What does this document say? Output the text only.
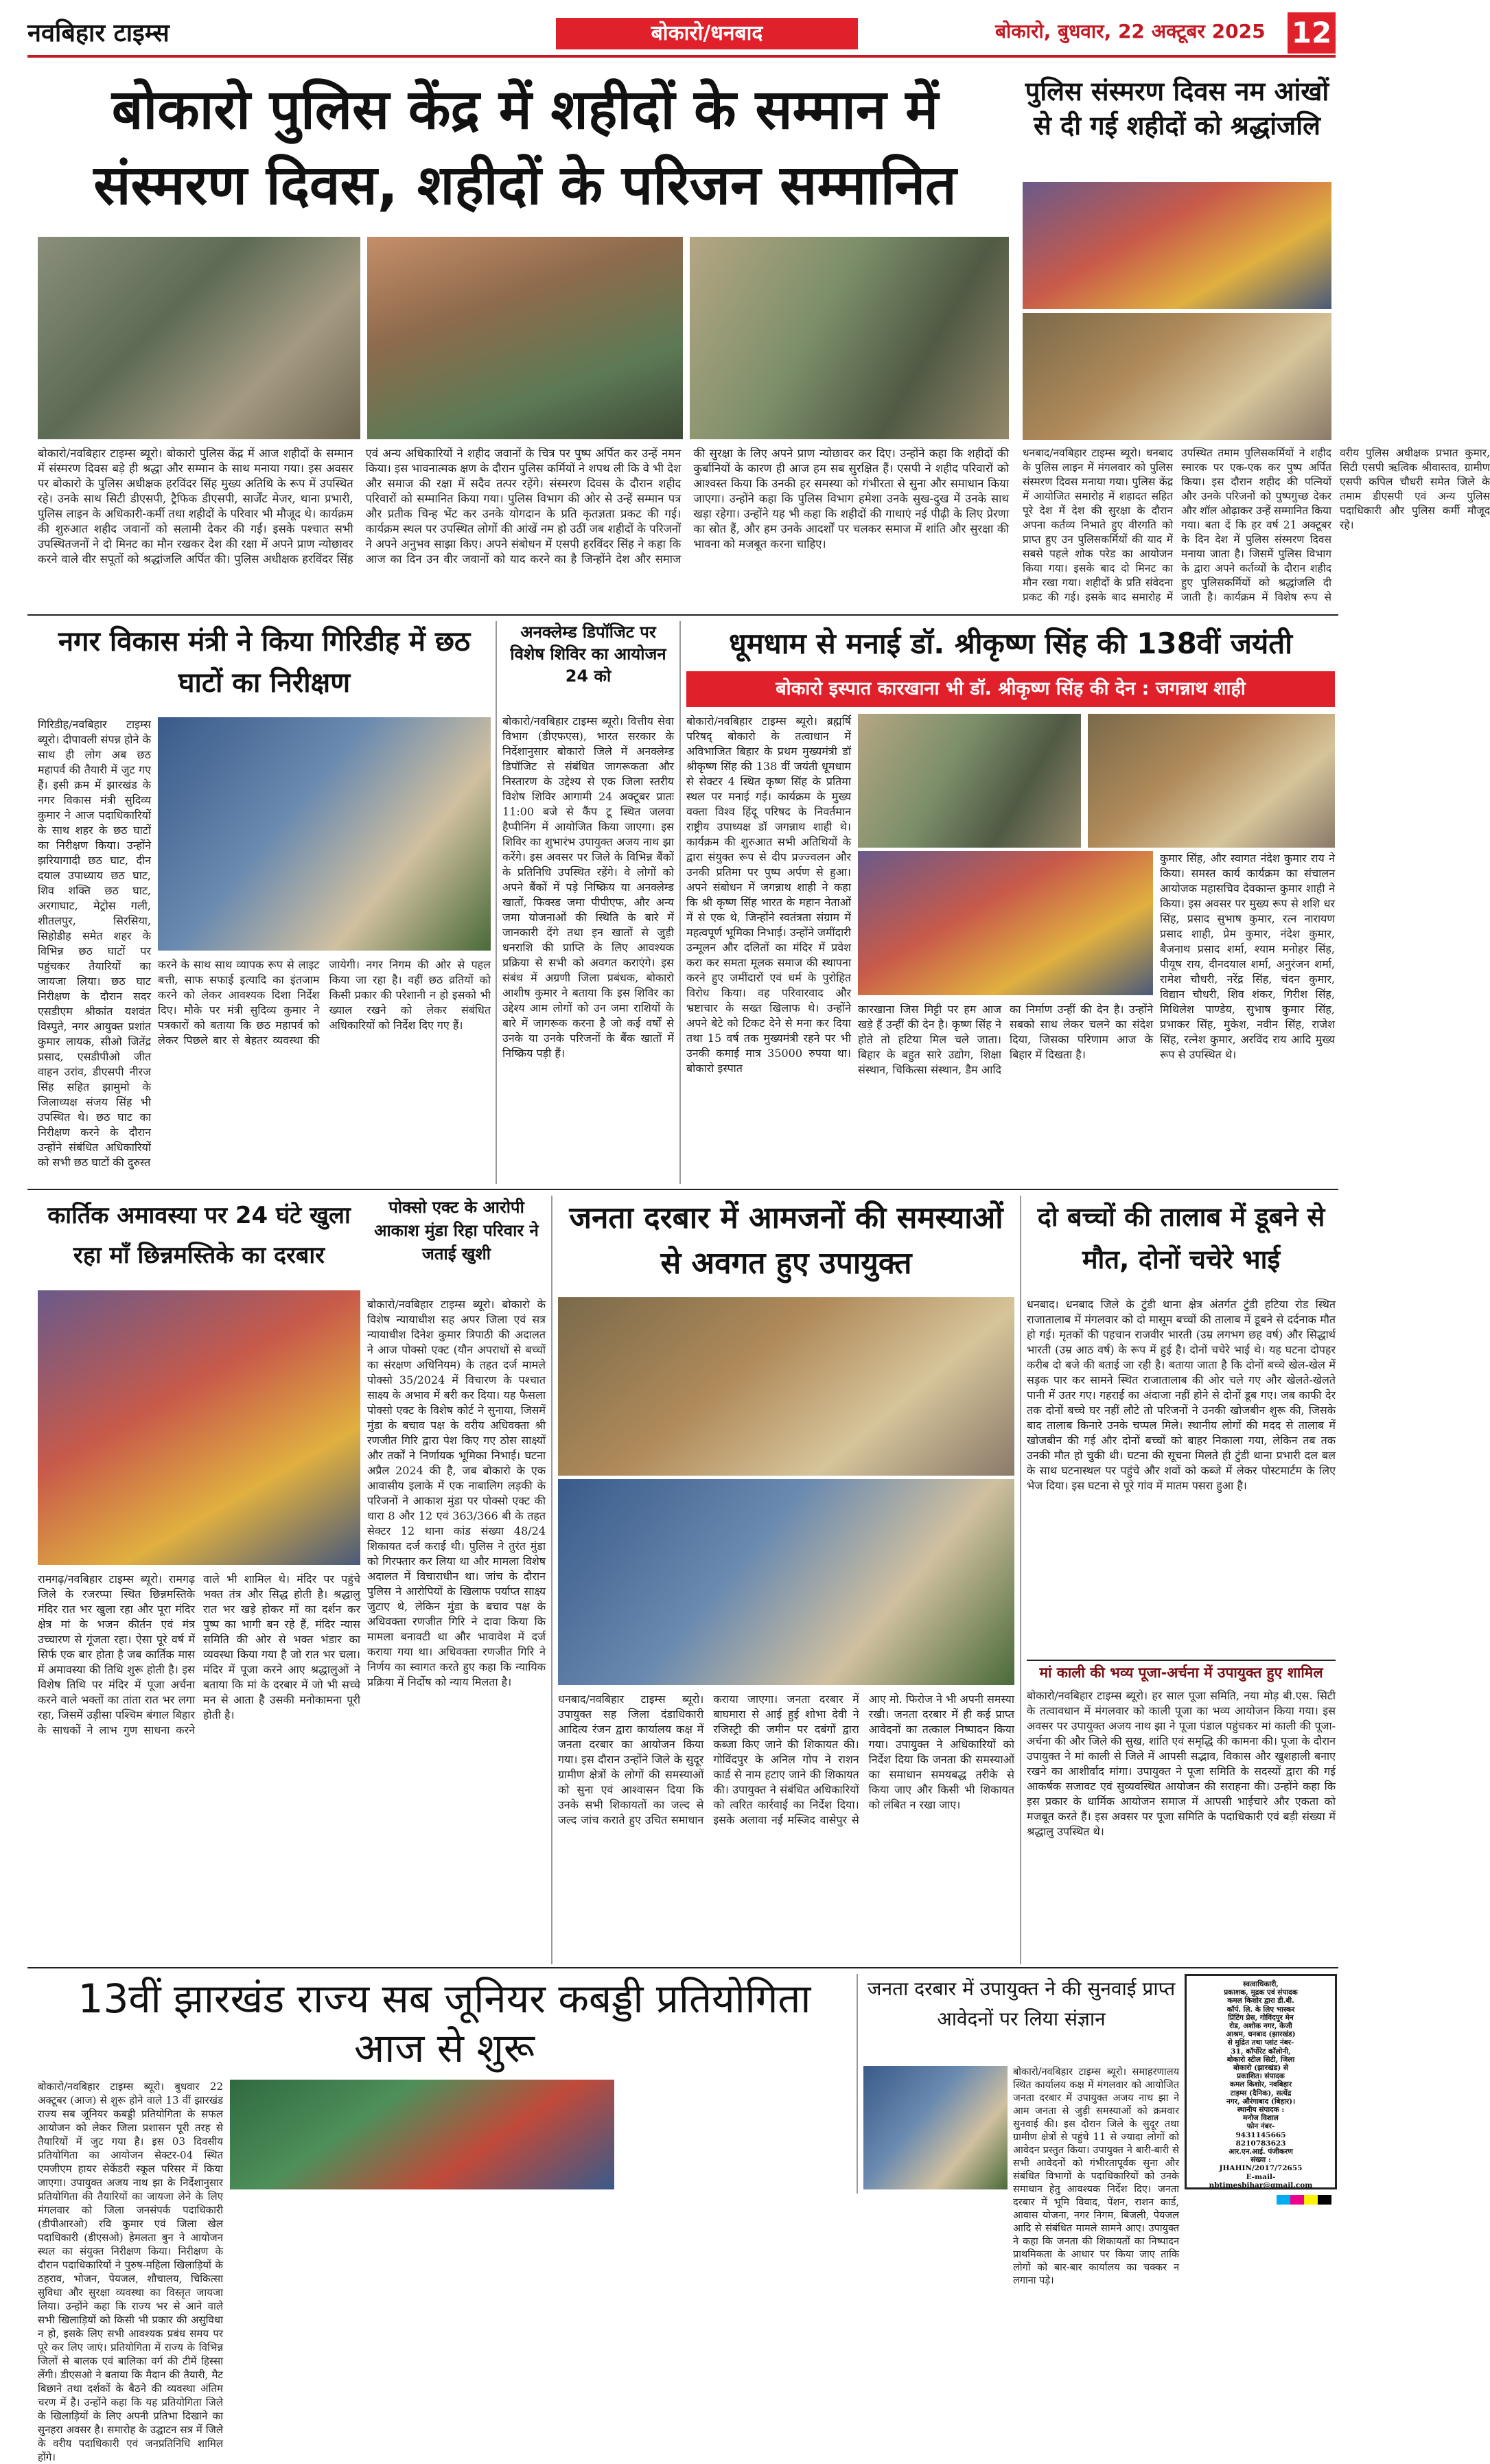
नवबिहार टाइम्स	बोकारो/धनबाद	बोकारो, बुधवार, 22 अक्टूबर 2025 12
बोकारो पुलिस केंद्र में शहीदों के सम्मान में संस्मरण दिवस, शहीदों के परिजन सम्मानित
बोकारो/नवबिहार टाइम्स ब्यूरो। बोकारो पुलिस केंद्र में आज शहीदों के सम्मान में संस्मरण दिवस बड़े ही श्रद्धा और सम्मान के साथ मनाया गया। इस अवसर पर बोकारो के पुलिस अधीक्षक हरविंदर सिंह मुख्य अतिथि के रूप में उपस्थित रहे। उनके साथ सिटी डीएसपी, ट्रैफिक डीएसपी, सार्जेंट मेजर, थाना प्रभारी, पुलिस लाइन के अधिकारी-कर्मी तथा शहीदों के परिवार भी मौजूद थे। कार्यक्रम की शुरुआत शहीद जवानों को सलामी देकर की गई। इसके पश्चात सभी उपस्थितजनों ने दो मिनट का मौन रखकर देश की रक्षा में अपने प्राण न्योछावर करने वाले वीर सपूतों को श्रद्धांजलि अर्पित की। पुलिस अधीक्षक हरविंदर सिंह एवं अन्य अधिकारियों ने शहीद जवानों के चित्र पर पुष्प अर्पित कर उन्हें नमन किया। इस भावनात्मक क्षण के दौरान पुलिस कर्मियों ने शपथ ली कि वे भी देश और समाज की रक्षा में सदैव तत्पर रहेंगे। संस्मरण दिवस के दौरान शहीद परिवारों को सम्मानित किया गया। पुलिस विभाग की ओर से उन्हें सम्मान पत्र और प्रतीक चिन्ह भेंट कर उनके योगदान के प्रति कृतज्ञता प्रकट की गई। कार्यक्रम स्थल पर उपस्थित लोगों की आंखें नम हो उठीं जब शहीदों के परिजनों ने अपने अनुभव साझा किए। अपने संबोधन में एसपी हरविंदर सिंह ने कहा कि आज का दिन उन वीर जवानों को याद करने का है जिन्होंने देश और समाज की सुरक्षा के लिए अपने प्राण न्योछावर कर दिए। उन्होंने कहा कि शहीदों की कुर्बानियों के कारण ही आज हम सब सुरक्षित हैं। एसपी ने शहीद परिवारों को आश्वस्त किया कि उनकी हर समस्या को गंभीरता से सुना और समाधान किया जाएगा। उन्होंने कहा कि पुलिस विभाग हमेशा उनके सुख-दुख में उनके साथ खड़ा रहेगा। उन्होंने यह भी कहा कि शहीदों की गाथाएं नई पीढ़ी के लिए प्रेरणा का स्रोत हैं, और हम उनके आदर्शों पर चलकर समाज में शांति और सुरक्षा की भावना को मजबूत करना चाहिए।
पुलिस संस्मरण दिवस नम आंखों से दी गई शहीदों को श्रद्धांजलि
धनबाद/नवबिहार टाइम्स ब्यूरो। धनबाद के पुलिस लाइन में मंगलवार को पुलिस संस्मरण दिवस मनाया गया। पुलिस केंद्र में आयोजित समारोह में शहादत सहित पूरे देश में देश की सुरक्षा के दौरान अपना कर्तव्य निभाते हुए वीरगति को प्राप्त हुए उन पुलिसकर्मियों की याद में सबसे पहले शोक परेड का आयोजन किया गया। इसके बाद दो मिनट का मौन रखा गया। शहीदों के प्रति संवेदना प्रकट की गई। इसके बाद समारोह में उपस्थित तमाम पुलिसकर्मियों ने शहीद स्मारक पर एक-एक कर पुष्प अर्पित किया। इस दौरान शहीद की पत्नियों और उनके परिजनों को पुष्पगुच्छ देकर और शॉल ओढ़ाकर उन्हें सम्मानित किया गया। बता दें कि हर वर्ष 21 अक्टूबर के दिन देश में पुलिस संस्मरण दिवस मनाया जाता है। जिसमें पुलिस विभाग के द्वारा अपने कर्तव्यों के दौरान शहीद हुए पुलिसकर्मियों को श्रद्धांजलि दी जाती है। कार्यक्रम में विशेष रूप से वरीय पुलिस अधीक्षक प्रभात कुमार, सिटी एसपी ऋत्विक श्रीवास्तव, ग्रामीण एसपी कपिल चौधरी समेत जिले के तमाम डीएसपी एवं अन्य पुलिस पदाधिकारी और पुलिस कर्मी मौजूद रहे।
नगर विकास मंत्री ने किया गिरिडीह में छठ घाटों का निरीक्षण
गिरिडीह/नवबिहार टाइम्स ब्यूरो। दीपावली संपन्न होने के साथ ही लोग अब छठ महापर्व की तैयारी में जुट गए हैं। इसी क्रम में झारखंड के नगर विकास मंत्री सुदिव्य कुमार ने आज पदाधिकारियों के साथ शहर के छठ घाटों का निरीक्षण किया। उन्होंने झरियागादी छठ घाट, दीन दयाल उपाध्याय छठ घाट, शिव शक्ति छठ घाट, अरगाघाट, मेट्रोस गली, शीतलपुर, सिरसिया, सिहोडीह समेत शहर के विभिन्न छठ घाटों पर पहुंचकर तैयारियों का जायजा लिया। छठ घाट निरीक्षण के दौरान सदर एसडीएम श्रीकांत यशवंत विस्पुते, नगर आयुक्त प्रशांत कुमार लायक, सीओ जितेंद्र प्रसाद, एसडीपीओ जीत वाहन उरांव, डीएसपी नीरज सिंह सहित झामुमो के जिलाध्यक्ष संजय सिंह भी उपस्थित थे। छठ घाट का निरीक्षण करने के दौरान उन्होंने संबंधित अधिकारियों को सभी छठ घाटों की दुरुस्त
करने के साथ साथ व्यापक रूप से लाइट बत्ती, साफ सफाई इत्यादि का इंतजाम करने को लेकर आवश्यक दिशा निर्देश दिए। मौके पर मंत्री सुदिव्य कुमार ने पत्रकारों को बताया कि छठ महापर्व को लेकर पिछले बार से बेहतर व्यवस्था की जायेगी। नगर निगम की ओर से पहल किया जा रहा है। वहीं छठ व्रतियों को किसी प्रकार की परेशानी न हो इसको भी ख्याल रखने को लेकर संबंधित अधिकारियों को निर्देश दिए गए हैं।
अनक्लेम्ड डिपॉजिट पर विशेष शिविर का आयोजन 24 को
बोकारो/नवबिहार टाइम्स ब्यूरो। वित्तीय सेवा विभाग (डीएफएस), भारत सरकार के निर्देशानुसार बोकारो जिले में अनक्लेम्ड डिपॉजिट से संबंधित जागरूकता और निस्तारण के उद्देश्य से एक जिला स्तरीय विशेष शिविर आगामी 24 अक्टूबर प्रातः 11:00 बजे से कैंप टू स्थित जलवा हैप्पीनिंग में आयोजित किया जाएगा। इस शिविर का शुभारंभ उपायुक्त अजय नाथ झा करेंगे। इस अवसर पर जिले के विभिन्न बैंकों के प्रतिनिधि उपस्थित रहेंगे। वे लोगों को अपने बैंकों में पड़े निष्क्रिय या अनक्लेम्ड खातों, फिक्स्ड जमा पीपीएफ, और अन्य जमा योजनाओं की स्थिति के बारे में जानकारी देंगे तथा इन खातों से जुड़ी धनराशि की प्राप्ति के लिए आवश्यक प्रक्रिया से सभी को अवगत कराएंगे। इस संबंध में अग्रणी जिला प्रबंधक, बोकारो आशीष कुमार ने बताया कि इस शिविर का उद्देश्य आम लोगों को उन जमा राशियों के बारे में जागरूक करना है जो कई वर्षों से उनके या उनके परिजनों के बैंक खातों में निष्क्रिय पड़ी हैं।
धूमधाम से मनाई डॉ. श्रीकृष्ण सिंह की 138वीं जयंती
बोकारो इस्पात कारखाना भी डॉ. श्रीकृष्ण सिंह की देन : जगन्नाथ शाही
बोकारो/नवबिहार टाइम्स ब्यूरो। ब्रह्मर्षि परिषद् बोकारो के तत्वाधान में अविभाजित बिहार के प्रथम मुख्यमंत्री डॉ श्रीकृष्ण सिंह की 138 वीं जयंती धूमधाम से सेक्टर 4 स्थित कृष्ण सिंह के प्रतिमा स्थल पर मनाई गई। कार्यक्रम के मुख्य वक्ता विश्व हिंदू परिषद के निवर्तमान राष्ट्रीय उपाध्यक्ष डॉ जगन्नाथ शाही थे। कार्यक्रम की शुरुआत सभी अतिथियों के द्वारा संयुक्त रूप से दीप प्रज्ज्वलन और उनकी प्रतिमा पर पुष्प अर्पण से हुआ। अपने संबोधन में जगन्नाथ शाही ने कहा कि श्री कृष्ण सिंह भारत के महान नेताओं में से एक थे, जिन्होंने स्वतंत्रता संग्राम में महत्वपूर्ण भूमिका निभाई। उन्होंने जमींदारी उन्मूलन और दलितों का मंदिर में प्रवेश करा कर समता मूलक समाज की स्थापना करने हुए जमींदारों एवं धर्म के पुरोहित विरोध किया। वह परिवारवाद और भ्रष्टाचार के सख्त खिलाफ थे। उन्होंने अपने बेटे को टिकट देने से मना कर दिया तथा 15 वर्ष तक मुख्यमंत्री रहने पर भी उनकी कमाई मात्र 35000 रुपया था। बोकारो इस्पात
कुमार सिंह, और स्वागत नंदेश कुमार राय ने किया। समस्त कार्य कार्यक्रम का संचालन आयोजक महासचिव देवकान्त कुमार शाही ने किया। इस अवसर पर मुख्य रूप से शशि धर सिंह, प्रसाद सुभाष कुमार, रत्न नारायण प्रसाद शाही, प्रेम कुमार, नंदेश कुमार, बैजनाथ प्रसाद शर्मा, श्याम मनोहर सिंह, पीयूष राय, दीनदयाल शर्मा, अनुरंजन शर्मा, रामेश चौधरी, नरेंद्र सिंह, चंदन कुमार, विद्यान चौधरी, शिव शंकर, गिरीश सिंह, मिथिलेश पाण्डेय, सुभाष कुमार सिंह, प्रभाकर सिंह, मुकेश, नवीन सिंह, राजेश सिंह, रत्नेश कुमार, अरविंद राय आदि मुख्य रूप से उपस्थित थे।
कारखाना जिस मिट्टी पर हम आज खड़े हैं उन्हीं की देन है। कृष्ण सिंह ने होते तो हटिया मिल चले जाता। बिहार के बहुत सारे उद्योग, शिक्षा संस्थान, चिकित्सा संस्थान, डैम आदि का निर्माण उन्हीं की देन है। उन्होंने सबको साथ लेकर चलने का संदेश दिया, जिसका परिणाम आज के बिहार में दिखता है।
कार्तिक अमावस्या पर 24 घंटे खुला रहा माँ छिन्नमस्तिके का दरबार
रामगढ़/नवबिहार टाइम्स ब्यूरो। रामगढ़ जिले के रजरप्पा स्थित छिन्नमस्तिके मंदिर रात भर खुला रहा और पूरा मंदिर क्षेत्र मां के भजन कीर्तन एवं मंत्र उच्चारण से गूंजता रहा। ऐसा पूरे वर्ष में सिर्फ एक बार होता है जब कार्तिक मास में अमावस्या की तिथि शुरू होती है। इस विशेष तिथि पर मंदिर में पूजा अर्चना करने वाले भक्तों का तांता रात भर लगा रहा, जिसमें उड़ीसा पश्चिम बंगाल बिहार के साधकों ने लाभ गुण साधना करने वाले भी शामिल थे। मंदिर पर पहुंचे भक्त तंत्र और सिद्ध होती है। श्रद्धालु रात भर खड़े होकर माँ का दर्शन कर पुष्प का भागी बन रहे हैं, मंदिर न्यास समिति की ओर से भक्त भंडार का व्यवस्था किया गया है जो रात भर चला। मंदिर में पूजा करने आए श्रद्धालुओं ने बताया कि मां के दरबार में जो भी सच्चे मन से आता है उसकी मनोकामना पूरी होती है।
पोक्सो एक्ट के आरोपी आकाश मुंडा रिहा परिवार ने जताई खुशी
बोकारो/नवबिहार टाइम्स ब्यूरो। बोकारो के विशेष न्यायाधीश सह अपर जिला एवं सत्र न्यायाधीश दिनेश कुमार त्रिपाठी की अदालत ने आज पोक्सो एक्ट (यौन अपराधों से बच्चों का संरक्षण अधिनियम) के तहत दर्ज मामले पोक्सो 35/2024 में विचारण के पश्चात साक्ष्य के अभाव में बरी कर दिया। यह फैसला पोक्सो एक्ट के विशेष कोर्ट ने सुनाया, जिसमें मुंडा के बचाव पक्ष के वरीय अधिवक्ता श्री रणजीत गिरि द्वारा पेश किए गए ठोस साक्ष्यों और तर्कों ने निर्णायक भूमिका निभाई। घटना अप्रैल 2024 की है, जब बोकारो के एक आवासीय इलाके में एक नाबालिग लड़की के परिजनों ने आकाश मुंडा पर पोक्सो एक्ट की धारा 8 और 12 एवं 363/366 बी के तहत सेक्टर 12 थाना कांड संख्या 48/24 शिकायत दर्ज कराई थी। पुलिस ने तुरंत मुंडा को गिरफ्तार कर लिया था और मामला विशेष अदालत में विचाराधीन था। जांच के दौरान पुलिस ने आरोपियों के खिलाफ पर्याप्त साक्ष्य जुटाए थे, लेकिन मुंडा के बचाव पक्ष के अधिवक्ता रणजीत गिरि ने दावा किया कि मामला बनावटी था और भावावेश में दर्ज कराया गया था। अधिवक्ता रणजीत गिरि ने निर्णय का स्वागत करते हुए कहा कि न्यायिक प्रक्रिया में निर्दोष को न्याय मिलता है।
जनता दरबार में आमजनों की समस्याओं से अवगत हुए उपायुक्त
धनबाद/नवबिहार टाइम्स ब्यूरो। उपायुक्त सह जिला दंडाधिकारी आदित्य रंजन द्वारा कार्यालय कक्ष में जनता दरबार का आयोजन किया गया। इस दौरान उन्होंने जिले के सुदूर ग्रामीण क्षेत्रों के लोगों की समस्याओं को सुना एवं आश्वासन दिया कि उनके सभी शिकायतों का जल्द से जल्द जांच कराते हुए उचित समाधान कराया जाएगा। जनता दरबार में बाघमारा से आई हुई शोभा देवी ने रजिस्ट्री की जमीन पर दबंगों द्वारा कब्जा किए जाने की शिकायत की। गोविंदपुर के अनिल गोप ने राशन कार्ड से नाम हटाए जाने की शिकायत की। उपायुक्त ने संबंधित अधिकारियों को त्वरित कार्रवाई का निर्देश दिया। इसके अलावा नई मस्जिद वासेपुर से आए मो. फिरोज ने भी अपनी समस्या रखी। जनता दरबार में ही कई प्राप्त आवेदनों का तत्काल निष्पादन किया गया। उपायुक्त ने अधिकारियों को निर्देश दिया कि जनता की समस्याओं का समाधान समयबद्ध तरीके से किया जाए और किसी भी शिकायत को लंबित न रखा जाए।
दो बच्चों की तालाब में डूबने से मौत, दोनों चचेरे भाई
धनबाद। धनबाद जिले के टुंडी थाना क्षेत्र अंतर्गत टुंडी हटिया रोड स्थित राजातालाब में मंगलवार को दो मासूम बच्चों की तालाब में डूबने से दर्दनाक मौत हो गई। मृतकों की पहचान राजवीर भारती (उम्र लगभग छह वर्ष) और सिद्धार्थ भारती (उम्र आठ वर्ष) के रूप में हुई है। दोनों चचेरे भाई थे। यह घटना दोपहर करीब दो बजे की बताई जा रही है। बताया जाता है कि दोनों बच्चे खेल-खेल में सड़क पार कर सामने स्थित राजातालाब की ओर चले गए और खेलते-खेलते पानी में उतर गए। गहराई का अंदाजा नहीं होने से दोनों डूब गए। जब काफी देर तक दोनों बच्चे घर नहीं लौटे तो परिजनों ने उनकी खोजबीन शुरू की, जिसके बाद तालाब किनारे उनके चप्पल मिले। स्थानीय लोगों की मदद से तालाब में खोजबीन की गई और दोनों बच्चों को बाहर निकाला गया, लेकिन तब तक उनकी मौत हो चुकी थी। घटना की सूचना मिलते ही टुंडी थाना प्रभारी दल बल के साथ घटनास्थल पर पहुंचे और शवों को कब्जे में लेकर पोस्टमार्टम के लिए भेज दिया। इस घटना से पूरे गांव में मातम पसरा हुआ है।
मां काली की भव्य पूजा-अर्चना में उपायुक्त हुए शामिल
बोकारो/नवबिहार टाइम्स ब्यूरो। हर साल पूजा समिति, नया मोड़ बी.एस. सिटी के तत्वावधान में मंगलवार को काली पूजा का भव्य आयोजन किया गया। इस अवसर पर उपायुक्त अजय नाथ झा ने पूजा पंडाल पहुंचकर मां काली की पूजा-अर्चना की और जिले की सुख, शांति एवं समृद्धि की कामना की। पूजा के दौरान उपायुक्त ने मां काली से जिले में आपसी सद्भाव, विकास और खुशहाली बनाए रखने का आशीर्वाद मांगा। उपायुक्त ने पूजा समिति के सदस्यों द्वारा की गई आकर्षक सजावट एवं सुव्यवस्थित आयोजन की सराहना की। उन्होंने कहा कि इस प्रकार के धार्मिक आयोजन समाज में आपसी भाईचारे और एकता को मजबूत करते हैं। इस अवसर पर पूजा समिति के पदाधिकारी एवं बड़ी संख्या में श्रद्धालु उपस्थित थे।
13वीं झारखंड राज्य सब जूनियर कबड्डी प्रतियोगिता आज से शुरू
बोकारो/नवबिहार टाइम्स ब्यूरो। बुधवार 22 अक्टूबर (आज) से शुरू होने वाले 13 वीं झारखंड राज्य सब जूनियर कबड्डी प्रतियोगिता के सफल आयोजन को लेकर जिला प्रशासन पूरी तरह से तैयारियों में जुट गया है। इस 03 दिवसीय प्रतियोगिता का आयोजन सेक्टर-04 स्थित एमजीएम हायर सेकेंडरी स्कूल परिसर में किया जाएगा। उपायुक्त अजय नाथ झा के निर्देशानुसार प्रतियोगिता की तैयारियों का जायजा लेने के लिए मंगलवार को जिला जनसंपर्क पदाधिकारी (डीपीआरओ) रवि कुमार एवं जिला खेल पदाधिकारी (डीएसओ) हेमलता बुन ने आयोजन स्थल का संयुक्त निरीक्षण किया। निरीक्षण के दौरान पदाधिकारियों ने पुरुष-महिला खिलाड़ियों के ठहराव, भोजन, पेयजल, शौचालय, चिकित्सा सुविधा और सुरक्षा व्यवस्था का विस्तृत जायजा लिया। उन्होंने कहा कि राज्य भर से आने वाले सभी खिलाड़ियों को किसी भी प्रकार की असुविधा न हो, इसके लिए सभी आवश्यक प्रबंध समय पर पूरे कर लिए जाएं। प्रतियोगिता में राज्य के विभिन्न जिलों से बालक एवं बालिका वर्ग की टीमें हिस्सा लेंगी। डीएसओ ने बताया कि मैदान की तैयारी, मैट बिछाने तथा दर्शकों के बैठने की व्यवस्था अंतिम चरण में है। उन्होंने कहा कि यह प्रतियोगिता जिले के खिलाड़ियों के लिए अपनी प्रतिभा दिखाने का सुनहरा अवसर है। समारोह के उद्घाटन सत्र में जिले के वरीय पदाधिकारी एवं जनप्रतिनिधि शामिल होंगे।
जनता दरबार में उपायुक्त ने की सुनवाई प्राप्त आवेदनों पर लिया संज्ञान
बोकारो/नवबिहार टाइम्स ब्यूरो। समाहरणालय स्थित कार्यालय कक्ष में मंगलवार को आयोजित जनता दरबार में उपायुक्त अजय नाथ झा ने आम जनता से जुड़ी समस्याओं को क्रमवार सुनवाई की। इस दौरान जिले के सुदूर तथा ग्रामीण क्षेत्रों से पहुंचे 11 से ज्यादा लोगों को आवेदन प्रस्तुत किया। उपायुक्त ने बारी-बारी से सभी आवेदनों को गंभीरतापूर्वक सुना और संबंधित विभागों के पदाधिकारियों को उनके समाधान हेतु आवश्यक निर्देश दिए। जनता दरबार में भूमि विवाद, पेंशन, राशन कार्ड, आवास योजना, नगर निगम, बिजली, पेयजल आदि से संबंधित मामले सामने आए। उपायुक्त ने कहा कि जनता की शिकायतों का निष्पादन प्राथमिकता के आधार पर किया जाए ताकि लोगों को बार-बार कार्यालय का चक्कर न लगाना पड़े।
स्वत्वाधिकारी,
प्रकाशक, मुद्रक एवं संपादक
कमल किशोर द्वारा डी.बी.
कॉर्प. लि. के लिए भास्कर
प्रिंटिंग प्रेस, गोविंदपुर मेन
रोड, अशोक नगर, केजी
आश्रम, धनबाद (झारखंड)
से मुद्रित तथा प्लांट नंबर-
31, कॉर्पोरेट कॉलोनी,
बोकारो स्टील सिटी, जिला
बोकारो (झारखंड) से
प्रकाशित। संपादक
कमल किशोर, नवबिहार
टाइम्स (दैनिक), सत्येंद्र
नगर, औरंगाबाद (बिहार)।
स्थानीय संपादक :
मनोज विशाल
फोन नंबर-
9431145665
8210783623
आर.एन.आई. पंजीकरण
संख्या :
JHAHIN/2017/72655
E-mail-
nbtimesbihar@gmail.com
